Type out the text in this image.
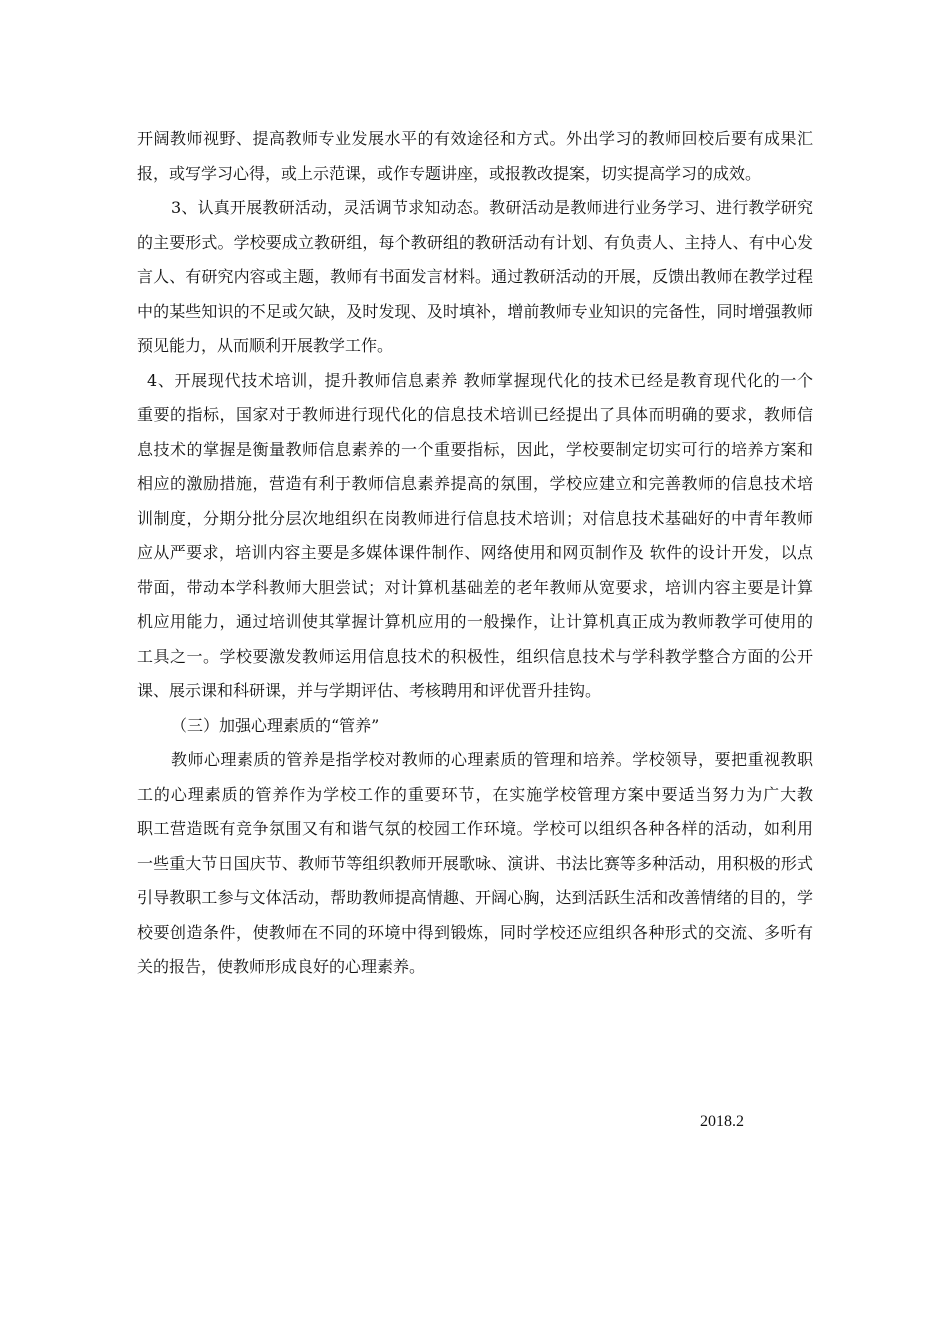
开阔教师视野、提高教师专业发展水平的有效途径和方式。外出学习的教师回校后要有成果汇
报，或写学习心得，或上示范课，或作专题讲座，或报教改提案，切实提高学习的成效。
3、认真开展教研活动，灵活调节求知动态。教研活动是教师进行业务学习、进行教学研究
的主要形式。学校要成立教研组，每个教研组的教研活动有计划、有负责人、主持人、有中心发
言人、有研究内容或主题，教师有书面发言材料。通过教研活动的开展，反馈出教师在教学过程
中的某些知识的不足或欠缺，及时发现、及时填补，增前教师专业知识的完备性，同时增强教师
预见能力，从而顺利开展教学工作。
4、开展现代技术培训，提升教师信息素养 教师掌握现代化的技术已经是教育现代化的一个
重要的指标，国家对于教师进行现代化的信息技术培训已经提出了具体而明确的要求，教师信
息技术的掌握是衡量教师信息素养的一个重要指标，因此，学校要制定切实可行的培养方案和
相应的激励措施，营造有利于教师信息素养提高的氛围，学校应建立和完善教师的信息技术培
训制度，分期分批分层次地组织在岗教师进行信息技术培训；对信息技术基础好的中青年教师
应从严要求，培训内容主要是多媒体课件制作、网络使用和网页制作及 软件的设计开发，以点
带面，带动本学科教师大胆尝试；对计算机基础差的老年教师从宽要求，培训内容主要是计算
机应用能力，通过培训使其掌握计算机应用的一般操作，让计算机真正成为教师教学可使用的
工具之一。学校要激发教师运用信息技术的积极性，组织信息技术与学科教学整合方面的公开
课、展示课和科研课，并与学期评估、考核聘用和评优晋升挂钩。
（三）加强心理素质的“管养”
教师心理素质的管养是指学校对教师的心理素质的管理和培养。学校领导，要把重视教职
工的心理素质的管养作为学校工作的重要环节，在实施学校管理方案中要适当努力为广大教
职工营造既有竞争氛围又有和谐气氛的校园工作环境。学校可以组织各种各样的活动，如利用
一些重大节日国庆节、教师节等组织教师开展歌咏、演讲、书法比赛等多种活动，用积极的形式
引导教职工参与文体活动，帮助教师提高情趣、开阔心胸，达到活跃生活和改善情绪的目的，学
校要创造条件，使教师在不同的环境中得到锻炼，同时学校还应组织各种形式的交流、多听有
关的报告，使教师形成良好的心理素养。
2018.2
